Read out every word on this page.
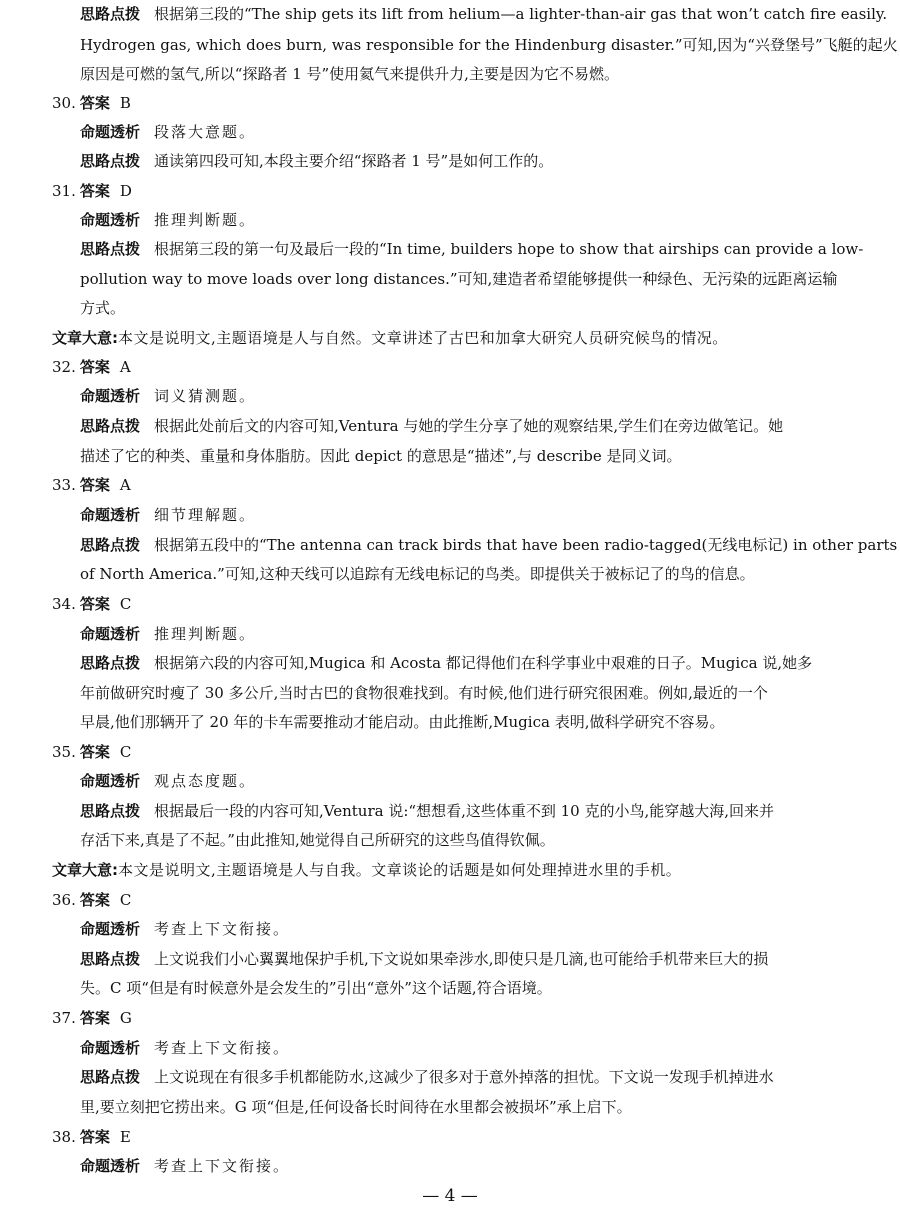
思路点拨 根据第三段的“The ship gets its lift from helium—a lighter-than-air gas that won’t catch fire easily.
Hydrogen gas, which does burn, was responsible for the Hindenburg disaster.”可知,因为“兴登堡号”飞艇的起火
原因是可燃的氢气,所以“探路者 1 号”使用氦气来提供升力,主要是因为它不易燃。
30. 答案 B
命题透析 段落大意题。
思路点拨 通读第四段可知,本段主要介绍“探路者 1 号”是如何工作的。
31. 答案 D
命题透析 推理判断题。
思路点拨 根据第三段的第一句及最后一段的“In time, builders hope to show that airships can provide a low-
pollution way to move loads over long distances.”可知,建造者希望能够提供一种绿色、无污染的远距离运输
方式。
文章大意:本文是说明文,主题语境是人与自然。文章讲述了古巴和加拿大研究人员研究候鸟的情况。
32. 答案 A
命题透析 词义猜测题。
思路点拨 根据此处前后文的内容可知,Ventura 与她的学生分享了她的观察结果,学生们在旁边做笔记。她
描述了它的种类、重量和身体脂肪。因此 depict 的意思是“描述”,与 describe 是同义词。
33. 答案 A
命题透析 细节理解题。
思路点拨 根据第五段中的“The antenna can track birds that have been radio-tagged(无线电标记) in other parts
of North America.”可知,这种天线可以追踪有无线电标记的鸟类。即提供关于被标记了的鸟的信息。
34. 答案 C
命题透析 推理判断题。
思路点拨 根据第六段的内容可知,Mugica 和 Acosta 都记得他们在科学事业中艰难的日子。Mugica 说,她多
年前做研究时瘦了 30 多公斤,当时古巴的食物很难找到。有时候,他们进行研究很困难。例如,最近的一个
早晨,他们那辆开了 20 年的卡车需要推动才能启动。由此推断,Mugica 表明,做科学研究不容易。
35. 答案 C
命题透析 观点态度题。
思路点拨 根据最后一段的内容可知,Ventura 说:“想想看,这些体重不到 10 克的小鸟,能穿越大海,回来并
存活下来,真是了不起。”由此推知,她觉得自己所研究的这些鸟值得钦佩。
文章大意:本文是说明文,主题语境是人与自我。文章谈论的话题是如何处理掉进水里的手机。
36. 答案 C
命题透析 考查上下文衔接。
思路点拨 上文说我们小心翼翼地保护手机,下文说如果牵涉水,即使只是几滴,也可能给手机带来巨大的损
失。C 项“但是有时候意外是会发生的”引出“意外”这个话题,符合语境。
37. 答案 G
命题透析 考查上下文衔接。
思路点拨 上文说现在有很多手机都能防水,这减少了很多对于意外掉落的担忧。下文说一发现手机掉进水
里,要立刻把它捞出来。G 项“但是,任何设备长时间待在水里都会被损坏”承上启下。
38. 答案 E
命题透析 考查上下文衔接。
— 4 —
